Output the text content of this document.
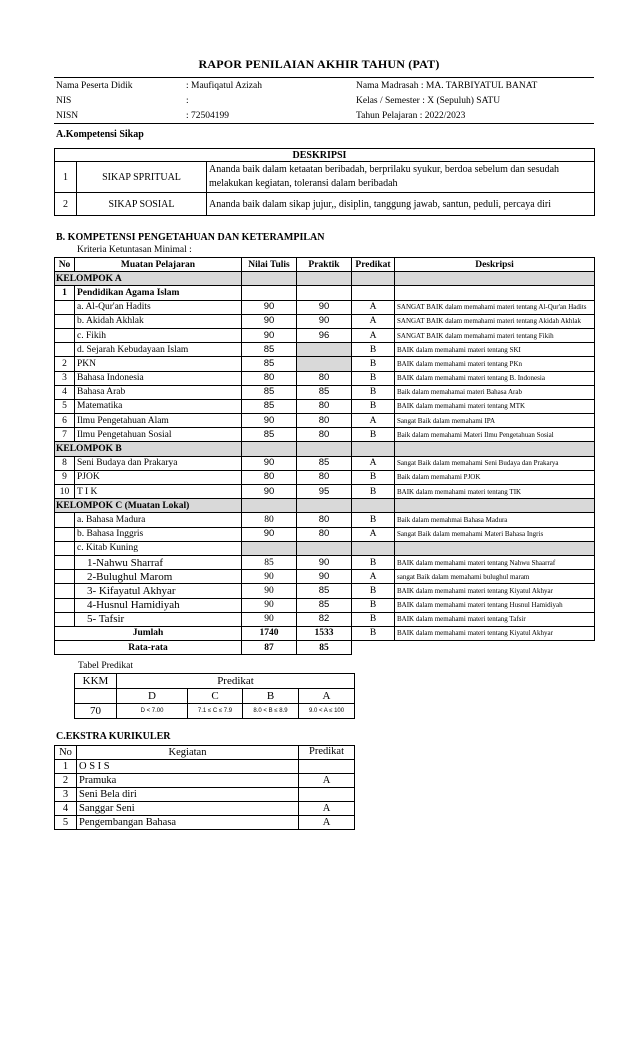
RAPOR PENILAIAN AKHIR TAHUN (PAT)
Nama Peserta Didik	: Maufiqatul Azizah	Nama Madrasah : MA. TARBIYATUL BANAT
NIS	:	Kelas / Semester : X (Sepuluh) SATU
NISN	: 72504199	Tahun Pelajaran : 2022/2023
A.Kompetensi Sikap
		DESKRIPSI
1	SIKAP SPRITUAL	Ananda baik dalam ketaatan beribadah, berprilaku syukur, berdoa sebelum dan sesudah
melakukan kegiatan, toleransi dalam beribadah

2	SIKAP SOSIAL	Ananda baik dalam sikap jujur,, disiplin, tanggung jawab, santun, peduli, percaya diri
B. KOMPETENSI PENGETAHUAN DAN KETERAMPILAN
Kriteria Ketuntasan Minimal :
No	Muatan Pelajaran	Nilai Tulis	Praktik	Predikat	Deskripsi
KELOMPOK A					
1	Pendidikan Agama Islam				
	a. Al-Qur'an Hadits	90	90	A	SANGAT BAIK dalam memahami materi tentang Al-Qur'an Hadits
	b. Akidah Akhlak	90	90	A	SANGAT BAIK dalam memahami materi tentang Akidah Akhlak
	c. Fikih	90	96	A	SANGAT BAIK dalam memahami materi tentang Fikih
	d. Sejarah Kebudayaan Islam	85		B	BAIK dalam memahami materi tentang SKI
2	PKN	85		B	BAIK dalam memahami materi tentang PKn
3	Bahasa Indonesia	80	80	B	BAIK dalam memahami materi tentang B. Indonesia
4	Bahasa Arab	85	85	B	Baik dalam memahamai materi Bahasa Arab
5	Matematika	85	80	B	BAIK dalam memahami materi tentang MTK
6	Ilmu Pengetahuan Alam	90	80	A	Sangat Baik dalam memahami IPA
7	Ilmu Pengetahuan Sosial	85	80	B	Baik dalam memahami Materi Ilmu Pengetahuan Sosial
KELOMPOK B					
8	Seni Budaya dan Prakarya	90	85	A	Sangat Baik dalam memahami Seni Budaya dan Prakarya
9	PJOK	80	80	B	Baik dalam memahami PJOK
10	T I K	90	95	B	BAIK dalam memahami materi tentang TIK
KELOMPOK C (Muatan Lokal)					
	a. Bahasa Madura	80	80	B	Baik dalam memahmai Bahasa Madura
	b. Bahasa Inggris	90	80	A	Sangat Baik dalam memahami Materi Bahasa Ingris
	c. Kitab Kuning				
	1-Nahwu Sharraf	85	90	B	BAIK dalam memahami materi tentang Nahwu Shaarraf
	2-Bulughul Marom	90	90	A	sangat Baik dalam memahami bulughul maram
	3- Kifayatul Akhyar	90	85	B	BAIK dalam memahami materi tentang Kiyatul Akhyar
	4-Husnul Hamidiyah	90	85	B	BAIK dalam memahami materi tentang Husnul Hamidiyah
	5- Tafsir	90	82	B	BAIK dalam memahami materi tentang Tafsir
Jumlah		1740	1533	B	BAIK dalam memahami materi tentang Kiyatul Akhyar
Rata-rata		87	85		
Tabel Predikat
KKM	Predikat			
	D	C	B	A
70	D < 7.00	7.1 ≤ C ≤ 7.9	8.0 < B ≤ 8.9	9.0 < A ≤ 100
C.EKSTRA KURIKULER
No	Kegiatan	Predikat
1	O S I S	
2	Pramuka	A
3	Seni Bela diri	
4	Sanggar Seni	A
5	Pengembangan Bahasa	A
